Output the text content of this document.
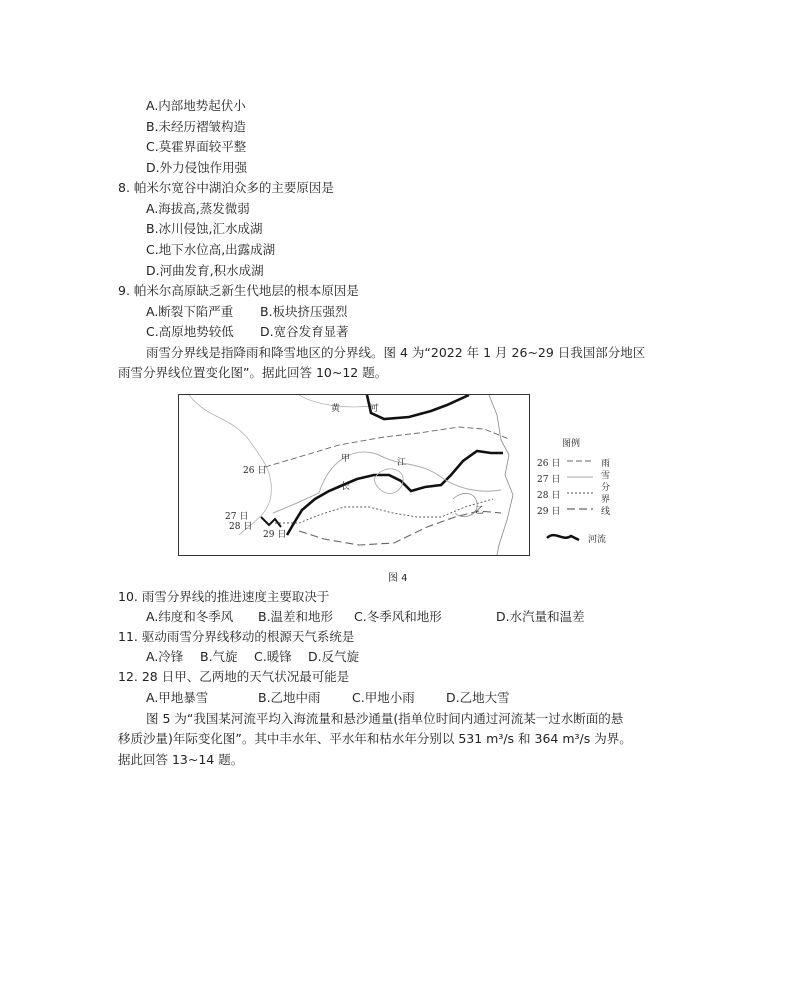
A.内部地势起伏小
B.未经历褶皱构造
C.莫霍界面较平整
D.外力侵蚀作用强
8. 帕米尔宽谷中湖泊众多的主要原因是
A.海拔高,蒸发微弱
B.冰川侵蚀,汇水成湖
C.地下水位高,出露成湖
D.河曲发育,积水成湖
9. 帕米尔高原缺乏新生代地层的根本原因是
A.断裂下陷严重	B.板块挤压强烈
C.高原地势较低	D.宽谷发育显著
雨雪分界线是指降雨和降雪地区的分界线。图 4 为“2022 年 1 月 26~29 日我国部分地区
雨雪分界线位置变化图”。据此回答 10~12 题。
黄	河
甲	江
长
乙
26 日
27 日
28 日
29 日
图例
26 日
27 日
28 日
29 日
雨
雪
分
界
线
河流
图 4
10. 雨雪分界线的推进速度主要取决于
A.纬度和冬季风	B.温差和地形	C.冬季风和地形	D.水汽量和温差
11. 驱动雨雪分界线移动的根源天气系统是
A.冷锋	B.气旋	C.暖锋	D.反气旋
12. 28 日甲、乙两地的天气状况最可能是
A.甲地暴雪	B.乙地中雨	C.甲地小雨	D.乙地大雪
图 5 为“我国某河流平均入海流量和悬沙通量(指单位时间内通过河流某一过水断面的悬
移质沙量)年际变化图”。其中丰水年、平水年和枯水年分别以 531 m³/s 和 364 m³/s 为界。
据此回答 13~14 题。
